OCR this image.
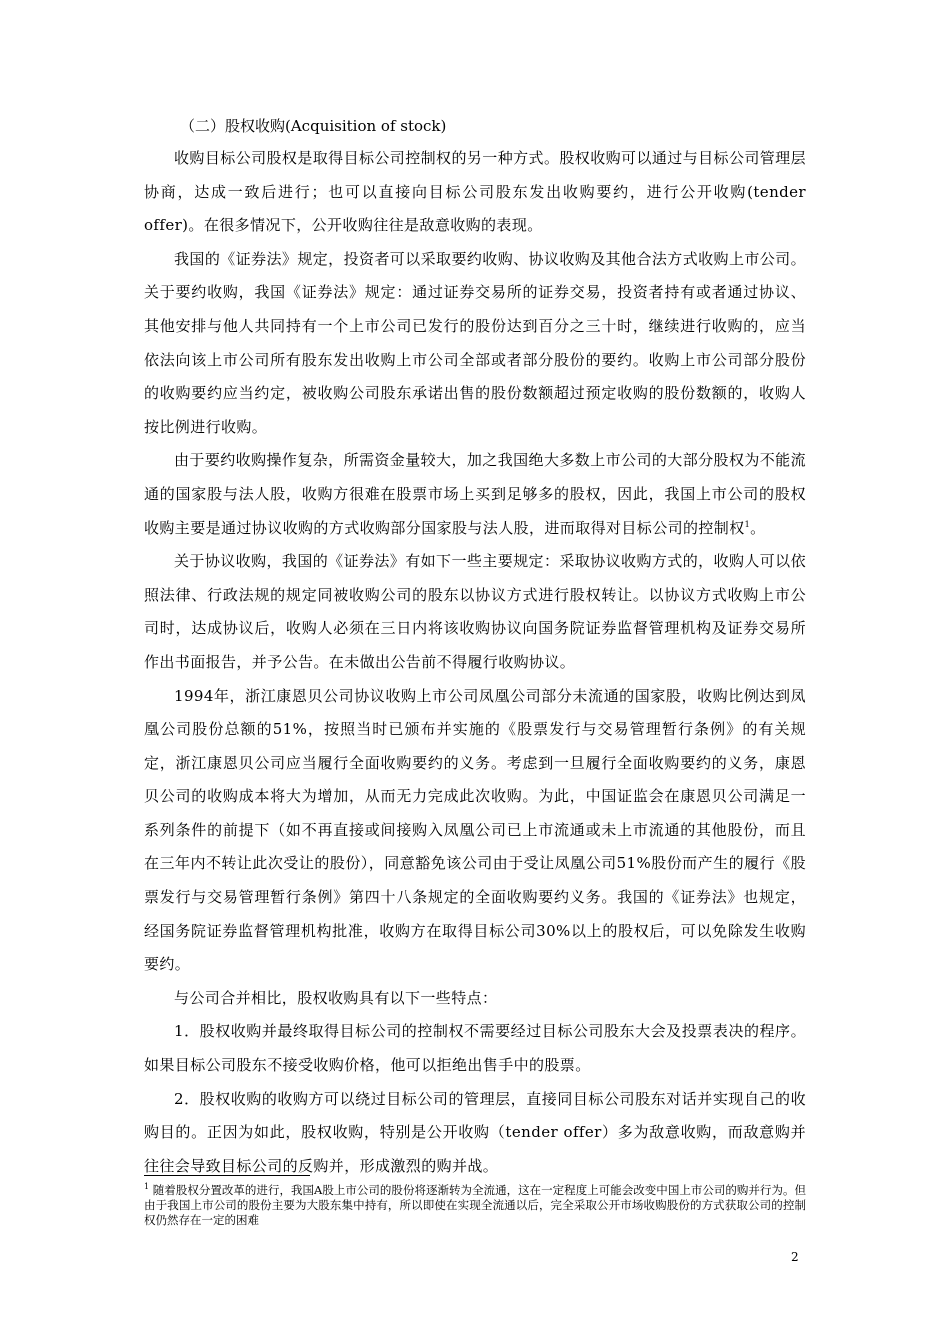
（二）股权收购(Acquisition of stock)

收购目标公司股权是取得目标公司控制权的另一种方式。股权收购可以通过与目标公司管理层协商，达成一致后进行；也可以直接向目标公司股东发出收购要约，进行公开收购(tender offer)。在很多情况下，公开收购往往是敌意收购的表现。

我国的《证券法》规定，投资者可以采取要约收购、协议收购及其他合法方式收购上市公司。关于要约收购，我国《证券法》规定：通过证券交易所的证券交易，投资者持有或者通过协议、其他安排与他人共同持有一个上市公司已发行的股份达到百分之三十时，继续进行收购的，应当依法向该上市公司所有股东发出收购上市公司全部或者部分股份的要约。收购上市公司部分股份的收购要约应当约定，被收购公司股东承诺出售的股份数额超过预定收购的股份数额的，收购人按比例进行收购。

由于要约收购操作复杂，所需资金量较大，加之我国绝大多数上市公司的大部分股权为不能流通的国家股与法人股，收购方很难在股票市场上买到足够多的股权，因此，我国上市公司的股权收购主要是通过协议收购的方式收购部分国家股与法人股，进而取得对目标公司的控制权$^1$。

关于协议收购，我国的《证券法》有如下一些主要规定：采取协议收购方式的，收购人可以依照法律、行政法规的规定同被收购公司的股东以协议方式进行股权转让。以协议方式收购上市公司时，达成协议后，收购人必须在三日内将该收购协议向国务院证券监督管理机构及证券交易所作出书面报告，并予公告。在未做出公告前不得履行收购协议。

1994年，浙江康恩贝公司协议收购上市公司凤凰公司部分未流通的国家股，收购比例达到凤凰公司股份总额的51%，按照当时已颁布并实施的《股票发行与交易管理暂行条例》的有关规定，浙江康恩贝公司应当履行全面收购要约的义务。考虑到一旦履行全面收购要约的义务，康恩贝公司的收购成本将大为增加，从而无力完成此次收购。为此，中国证监会在康恩贝公司满足一系列条件的前提下（如不再直接或间接购入凤凰公司已上市流通或未上市流通的其他股份，而且在三年内不转让此次受让的股份），同意豁免该公司由于受让凤凰公司51%股份而产生的履行《股票发行与交易管理暂行条例》第四十八条规定的全面收购要约义务。我国的《证券法》也规定，经国务院证券监督管理机构批准，收购方在取得目标公司30%以上的股权后，可以免除发生收购要约。

与公司合并相比，股权收购具有以下一些特点：

1．股权收购并最终取得目标公司的控制权不需要经过目标公司股东大会及投票表决的程序。如果目标公司股东不接受收购价格，他可以拒绝出售手中的股票。

2．股权收购的收购方可以绕过目标公司的管理层，直接同目标公司股东对话并实现自己的收购目的。正因为如此，股权收购，特别是公开收购（tender offer）多为敌意收购，而敌意购并往往会导致目标公司的反购并，形成激烈的购并战。

$^1$ 随着股权分置改革的进行，我国A股上市公司的股份将逐渐转为全流通，这在一定程度上可能会改变中国上市公司的购并行为。但由于我国上市公司的股份主要为大股东集中持有，所以即使在实现全流通以后，完全采取公开市场收购股份的方式获取公司的控制权仍然存在一定的困难
2
